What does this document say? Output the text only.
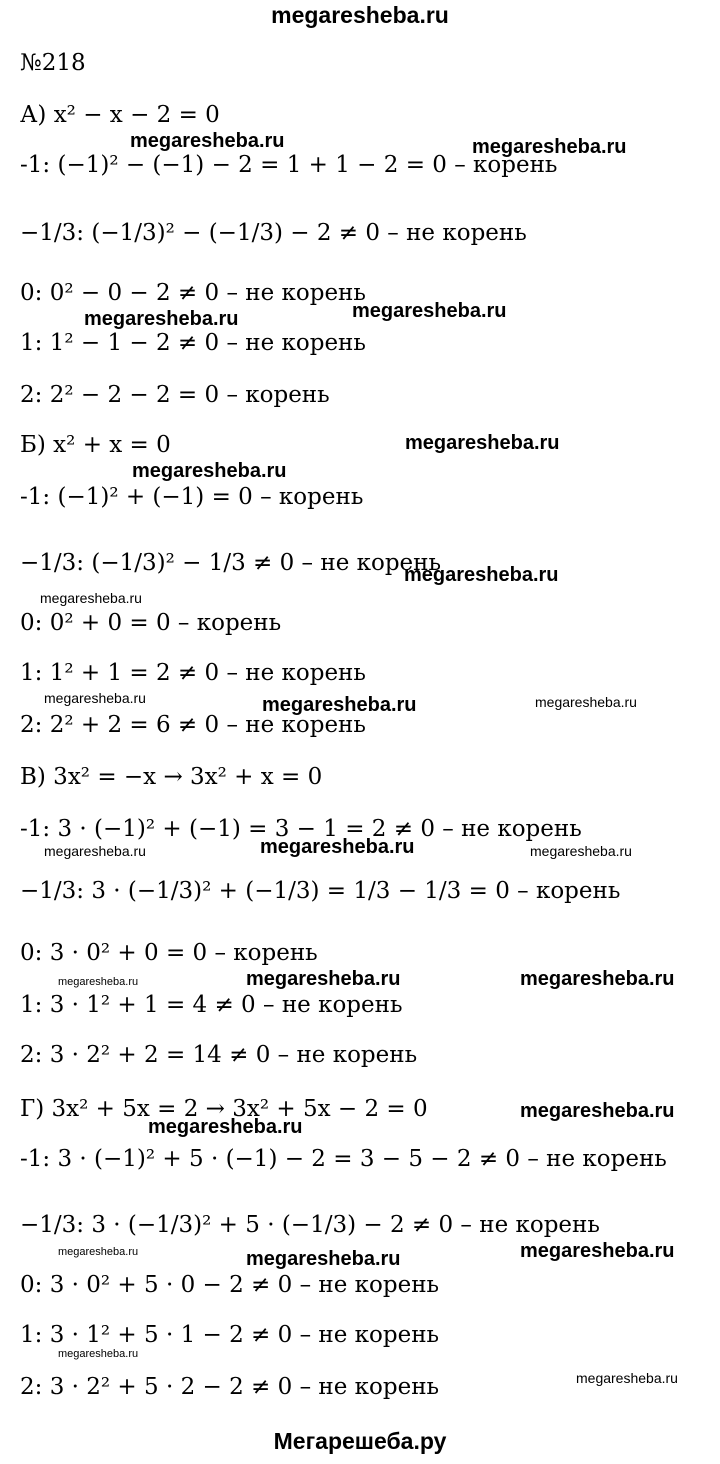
megaresheba.ru
№218
А) x² − x − 2 = 0
-1: (−1)² − (−1) − 2 = 1 + 1 − 2 = 0 – корень
−1/3: (−1/3)² − (−1/3) − 2 ≠ 0 – не корень
0: 0² − 0 − 2 ≠ 0 – не корень
1: 1² − 1 − 2 ≠ 0 – не корень
2: 2² − 2 − 2 = 0 – корень
Б) x² + x = 0
-1: (−1)² + (−1) = 0 – корень
−1/3: (−1/3)² − 1/3 ≠ 0 – не корень
0: 0² + 0 = 0 – корень
1: 1² + 1 = 2 ≠ 0 – не корень
2: 2² + 2 = 6 ≠ 0 – не корень
В) 3x² = −x → 3x² + x = 0
-1: 3 · (−1)² + (−1) = 3 − 1 = 2 ≠ 0 – не корень
−1/3: 3 · (−1/3)² + (−1/3) = 1/3 − 1/3 = 0 – корень
0: 3 · 0² + 0 = 0 – корень
1: 3 · 1² + 1 = 4 ≠ 0 – не корень
2: 3 · 2² + 2 = 14 ≠ 0 – не корень
Г) 3x² + 5x = 2 → 3x² + 5x − 2 = 0
-1: 3 · (−1)² + 5 · (−1) − 2 = 3 − 5 − 2 ≠ 0 – не корень
−1/3: 3 · (−1/3)² + 5 · (−1/3) − 2 ≠ 0 – не корень
0: 3 · 0² + 5 · 0 − 2 ≠ 0 – не корень
1: 3 · 1² + 5 · 1 − 2 ≠ 0 – не корень
2: 3 · 2² + 5 · 2 − 2 ≠ 0 – не корень
megaresheba.ru	megaresheba.ru
megaresheba.ru	megaresheba.ru
megaresheba.ru
megaresheba.ru
megaresheba.ru
megaresheba.ru
megaresheba.ru	megaresheba.ru	megaresheba.ru
megaresheba.ru	megaresheba.ru	megaresheba.ru
megaresheba.ru	megaresheba.ru	megaresheba.ru
megaresheba.ru
megaresheba.ru
megaresheba.ru	megaresheba.ru	megaresheba.ru
megaresheba.ru
megaresheba.ru
Мегарешеба.ру
